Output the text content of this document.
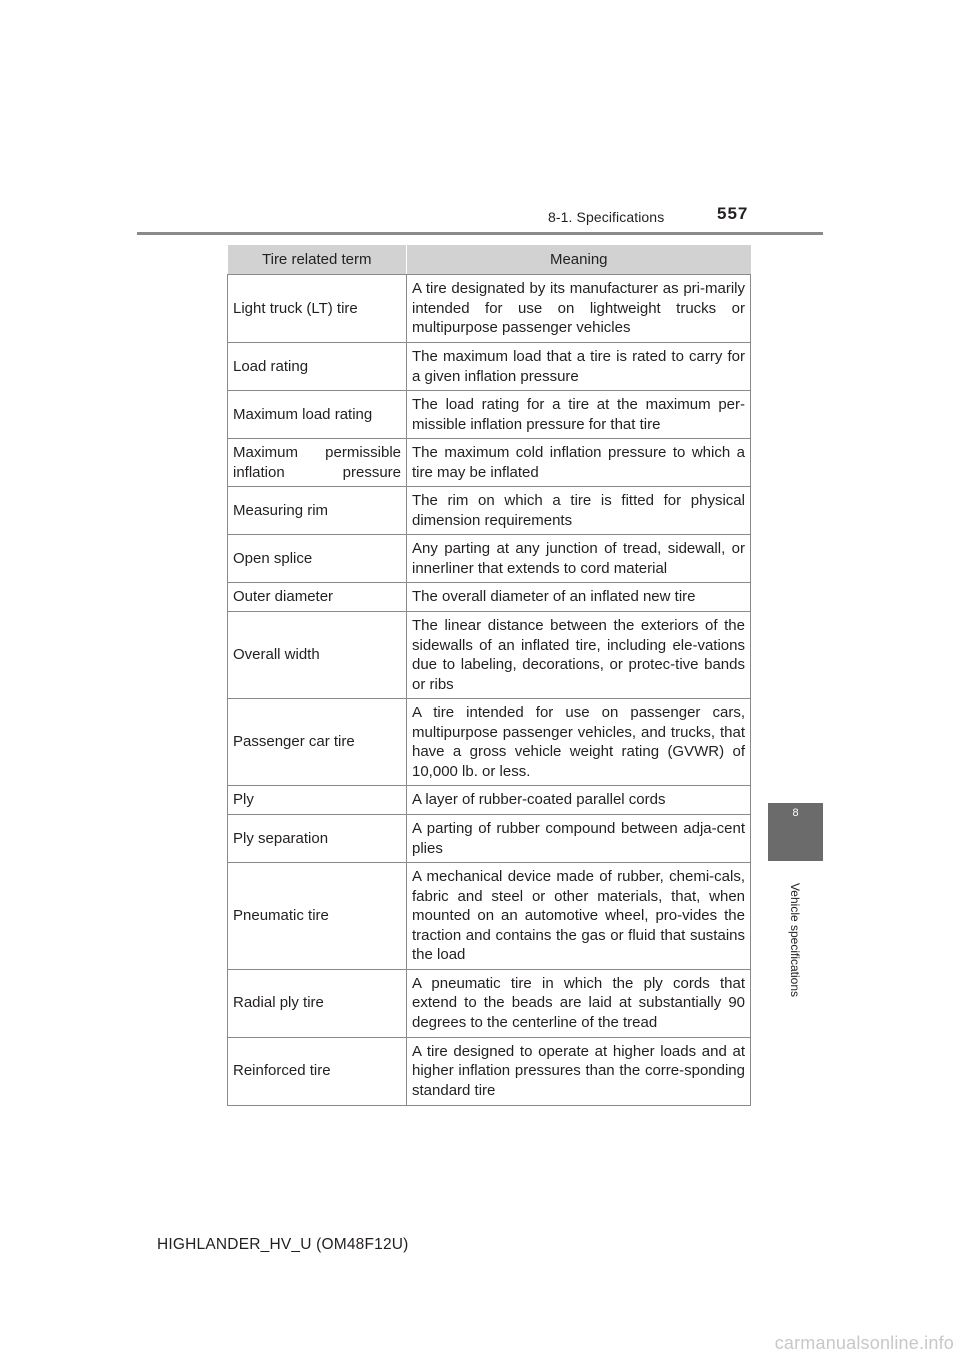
8-1. Specifications	557
8
Vehicle specifications
Tire related term	Meaning
Light truck (LT) tire	A tire designated by its manufacturer as pri-marily intended for use on lightweight trucks or multipurpose passenger vehicles
Load rating	The maximum load that a tire is rated to carry for a given inflation pressure
Maximum load rating	The load rating for a tire at the maximum per-missible inflation pressure for that tire
Maximum permissible inflation pressure	The maximum cold inflation pressure to which a tire may be inflated
Measuring rim	The rim on which a tire is fitted for physical dimension requirements
Open splice	Any parting at any junction of tread, sidewall, or innerliner that extends to cord material
Outer diameter	The overall diameter of an inflated new tire
Overall width	The linear distance between the exteriors of the sidewalls of an inflated tire, including ele-vations due to labeling, decorations, or protec-tive bands or ribs
Passenger car tire	A tire intended for use on passenger cars, multipurpose passenger vehicles, and trucks, that have a gross vehicle weight rating (GVWR) of 10,000 lb. or less.
Ply	A layer of rubber-coated parallel cords
Ply separation	A parting of rubber compound between adja-cent plies
Pneumatic tire	A mechanical device made of rubber, chemi-cals, fabric and steel or other materials, that, when mounted on an automotive wheel, pro-vides the traction and contains the gas or fluid that sustains the load
Radial ply tire	A pneumatic tire in which the ply cords that extend to the beads are laid at substantially 90 degrees to the centerline of the tread
Reinforced tire	A tire designed to operate at higher loads and at higher inflation pressures than the corre-sponding standard tire
HIGHLANDER_HV_U (OM48F12U)
carmanualsonline.info
